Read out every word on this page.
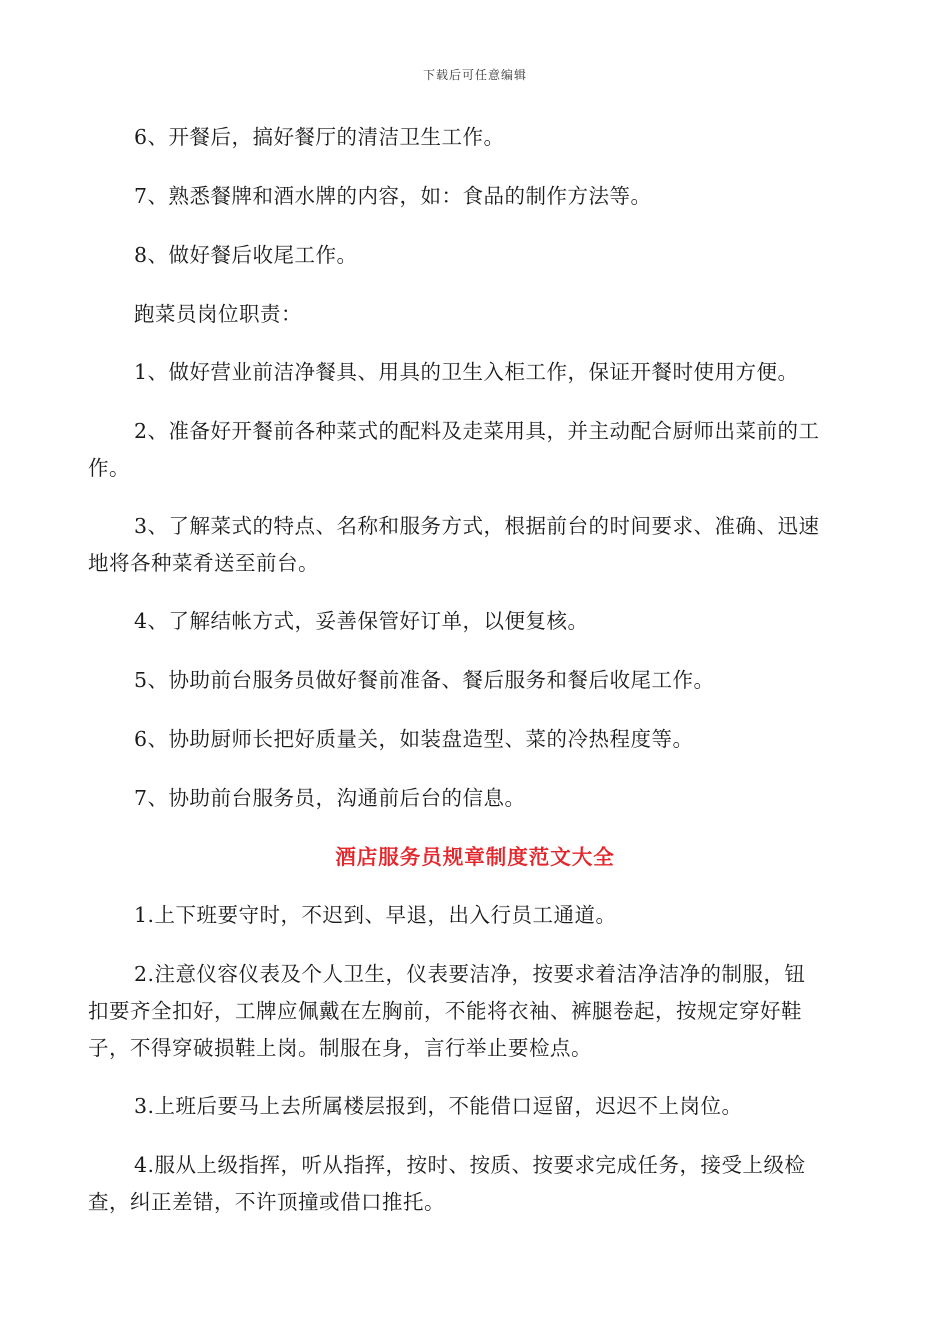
下载后可任意编辑
6、开餐后，搞好餐厅的清洁卫生工作。
7、熟悉餐牌和酒水牌的内容，如：食品的制作方法等。
8、做好餐后收尾工作。
跑菜员岗位职责：
1、做好营业前洁净餐具、用具的卫生入柜工作，保证开餐时使用方便。
2、准备好开餐前各种菜式的配料及走菜用具，并主动配合厨师出菜前的工
作。
3、了解菜式的特点、名称和服务方式，根据前台的时间要求、准确、迅速
地将各种菜肴送至前台。
4、了解结帐方式，妥善保管好订单，以便复核。
5、协助前台服务员做好餐前准备、餐后服务和餐后收尾工作。
6、协助厨师长把好质量关，如装盘造型、菜的冷热程度等。
7、协助前台服务员，沟通前后台的信息。
酒店服务员规章制度范文大全
1.上下班要守时，不迟到、早退，出入行员工通道。
2.注意仪容仪表及个人卫生，仪表要洁净，按要求着洁净洁净的制服，钮
扣要齐全扣好，工牌应佩戴在左胸前，不能将衣袖、裤腿卷起，按规定穿好鞋
子，不得穿破损鞋上岗。制服在身，言行举止要检点。
3.上班后要马上去所属楼层报到，不能借口逗留，迟迟不上岗位。
4.服从上级指挥，听从指挥，按时、按质、按要求完成任务，接受上级检
查，纠正差错，不许顶撞或借口推托。
